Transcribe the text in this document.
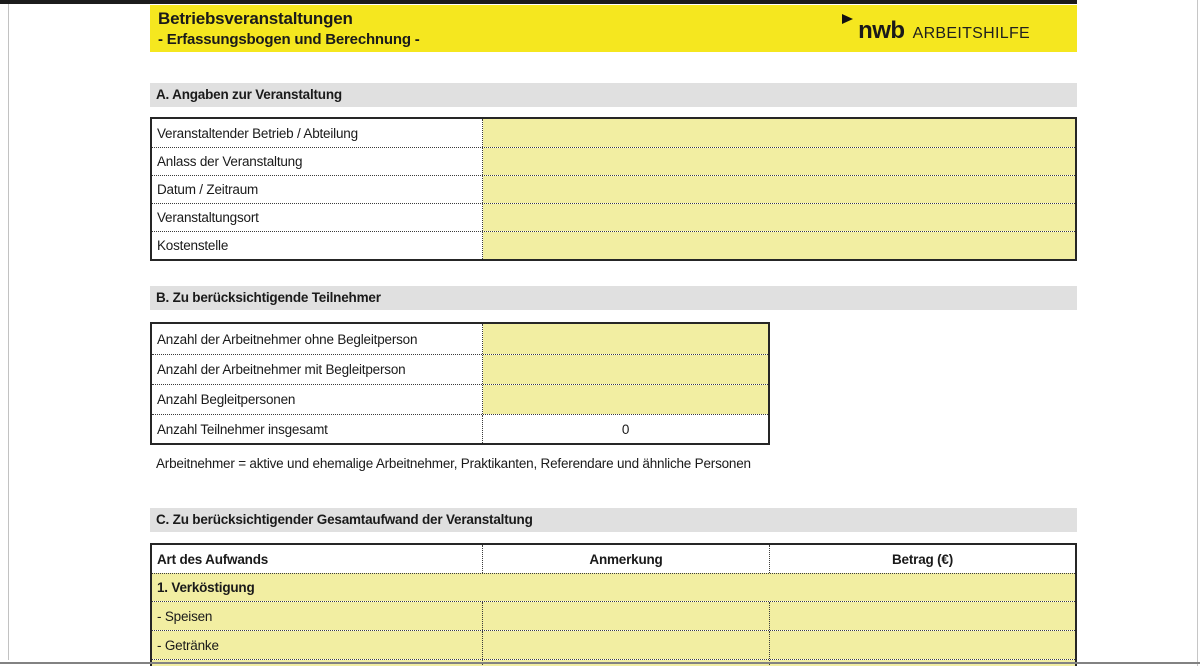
Betriebsveranstaltungen
- Erfassungsbogen und Berechnung -	nwb ARBEITSHILFE
A. Angaben zur Veranstaltung
Veranstaltender Betrieb / Abteilung
Anlass der Veranstaltung
Datum / Zeitraum
Veranstaltungsort
Kostenstelle
B. Zu berücksichtigende Teilnehmer
Anzahl der Arbeitnehmer ohne Begleitperson
Anzahl der Arbeitnehmer mit Begleitperson
Anzahl Begleitpersonen
Anzahl Teilnehmer insgesamt	0
Arbeitnehmer = aktive und ehemalige Arbeitnehmer, Praktikanten, Referendare und ähnliche Personen
C. Zu berücksichtigender Gesamtaufwand der Veranstaltung
Art des Aufwands	Anmerkung	Betrag (€)
1. Verköstigung
- Speisen
- Getränke
